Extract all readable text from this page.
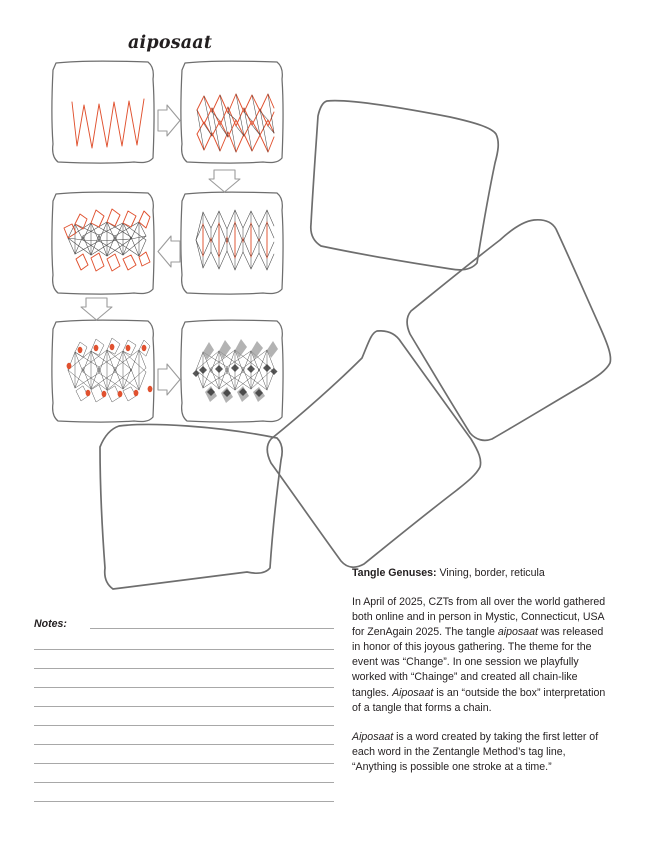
aiposaat
Notes:

Tangle Genuses: Vining, border, reticula

In April of 2025, CZTs from all over the world gathered both online and in person in Mystic, Connecticut, USA for ZenAgain 2025. The tangle aiposaat was released in honor of this joyous gathering. The theme for the event was “Change”. In one session we playfully worked with “Chainge” and created all chain-like tangles. Aiposaat is an “outside the box” interpretation of a tangle that forms a chain.

Aiposaat is a word created by taking the first letter of each word in the Zentangle Method’s tag line, “Anything is possible one stroke at a time.”
